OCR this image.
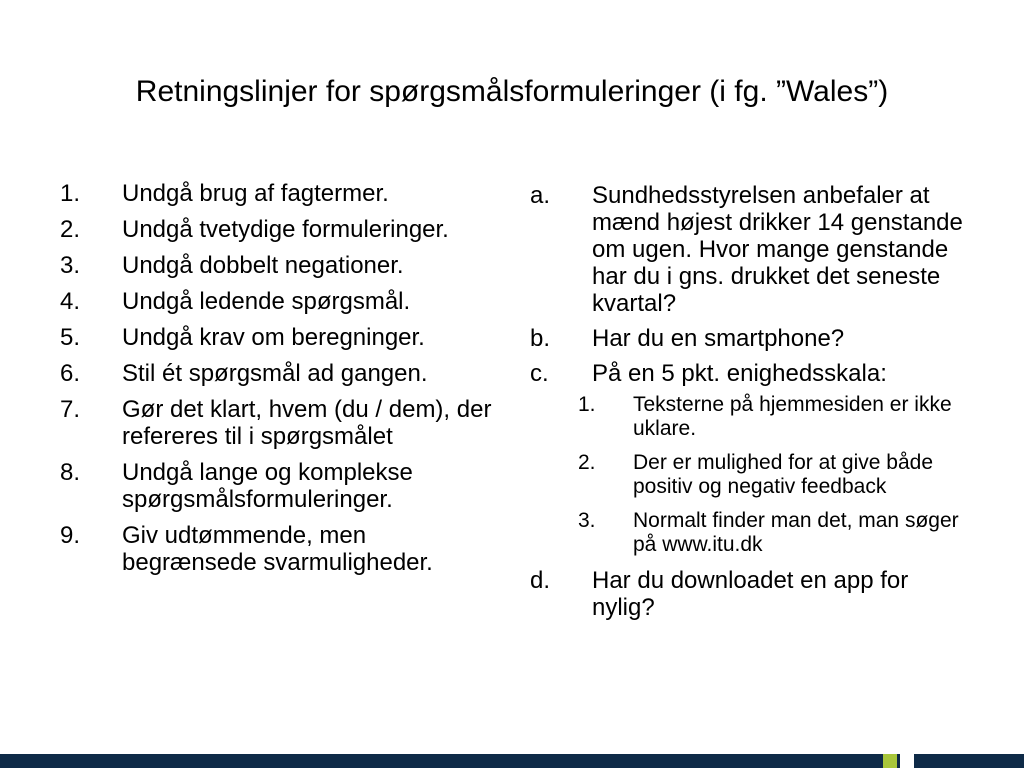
Retningslinjer for spørgsmålsformuleringer (i fg. ”Wales”)
1.	Undgå brug af fagtermer.
2.	Undgå tvetydige formuleringer.
3.	Undgå dobbelt negationer.
4.	Undgå ledende spørgsmål.
5.	Undgå krav om beregninger.
6.	Stil ét spørgsmål ad gangen.
7.	Gør det klart, hvem (du / dem), der refereres til i spørgsmålet
8.	Undgå lange og komplekse spørgsmålsformuleringer.
9.	Giv udtømmende, men begrænsede svarmuligheder.
a.	Sundhedsstyrelsen anbefaler at mænd højest drikker 14 genstande om ugen. Hvor mange genstande har du i gns. drukket det seneste kvartal?
b.	Har du en smartphone?
c.	På en 5 pkt. enighedsskala:
1.	Teksterne på hjemmesiden er ikke uklare.
2.	Der er mulighed for at give både positiv og negativ feedback
3.	Normalt finder man det, man søger på www.itu.dk
d.	Har du downloadet en app for nylig?
